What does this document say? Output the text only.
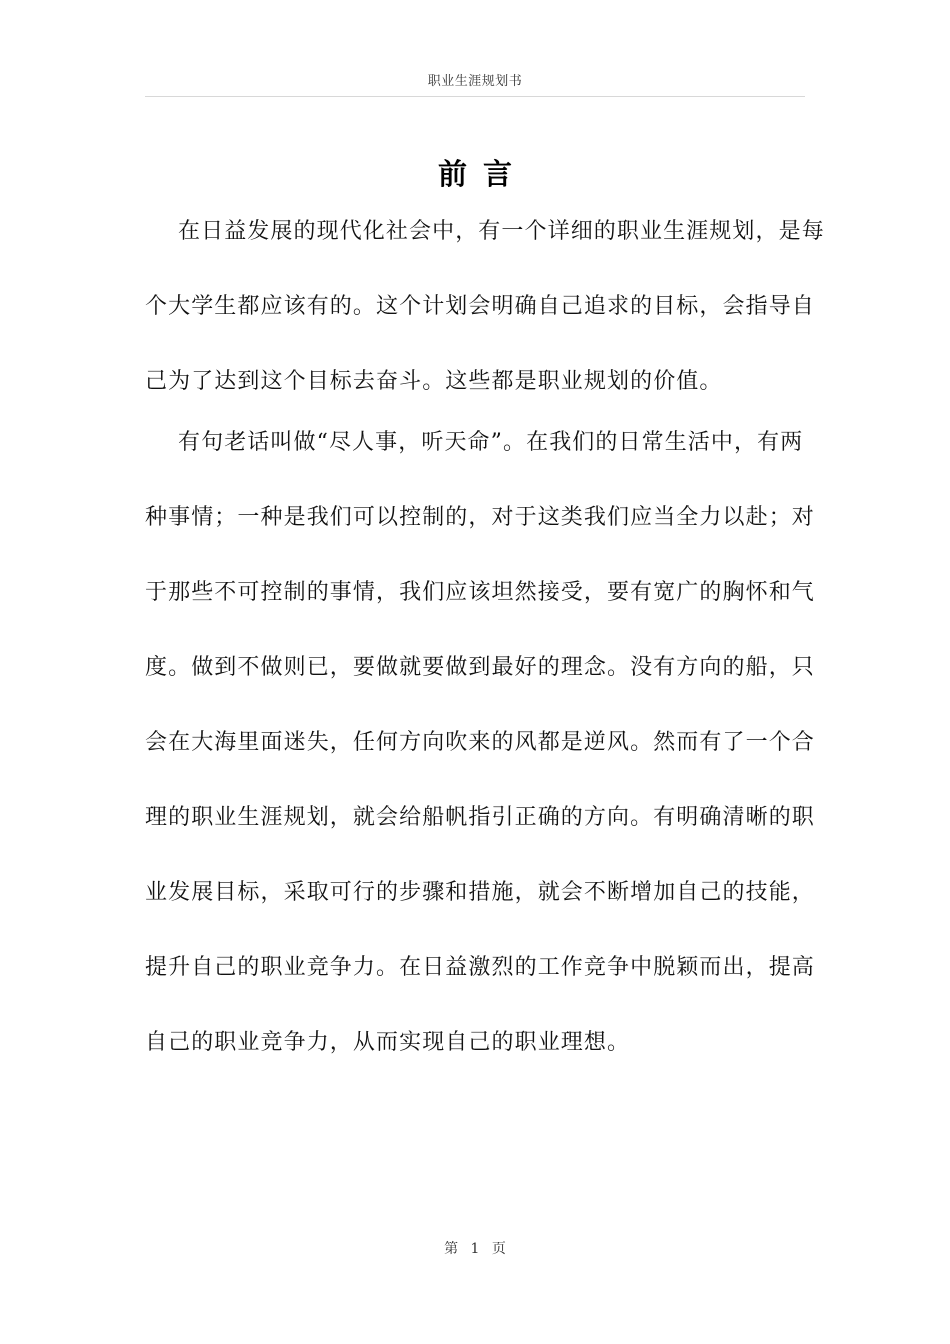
职业生涯规划书
前言
在日益发展的现代化社会中，有一个详细的职业生涯规划，是每
个大学生都应该有的。这个计划会明确自己追求的目标，会指导自
己为了达到这个目标去奋斗。这些都是职业规划的价值。
有句老话叫做“尽人事，听天命”。在我们的日常生活中，有两
种事情；一种是我们可以控制的，对于这类我们应当全力以赴；对
于那些不可控制的事情，我们应该坦然接受，要有宽广的胸怀和气
度。做到不做则已，要做就要做到最好的理念。没有方向的船，只
会在大海里面迷失，任何方向吹来的风都是逆风。然而有了一个合
理的职业生涯规划，就会给船帆指引正确的方向。有明确清晰的职
业发展目标，采取可行的步骤和措施，就会不断增加自己的技能，
提升自己的职业竞争力。在日益激烈的工作竞争中脱颖而出，提高
自己的职业竞争力，从而实现自己的职业理想。
第 1 页
